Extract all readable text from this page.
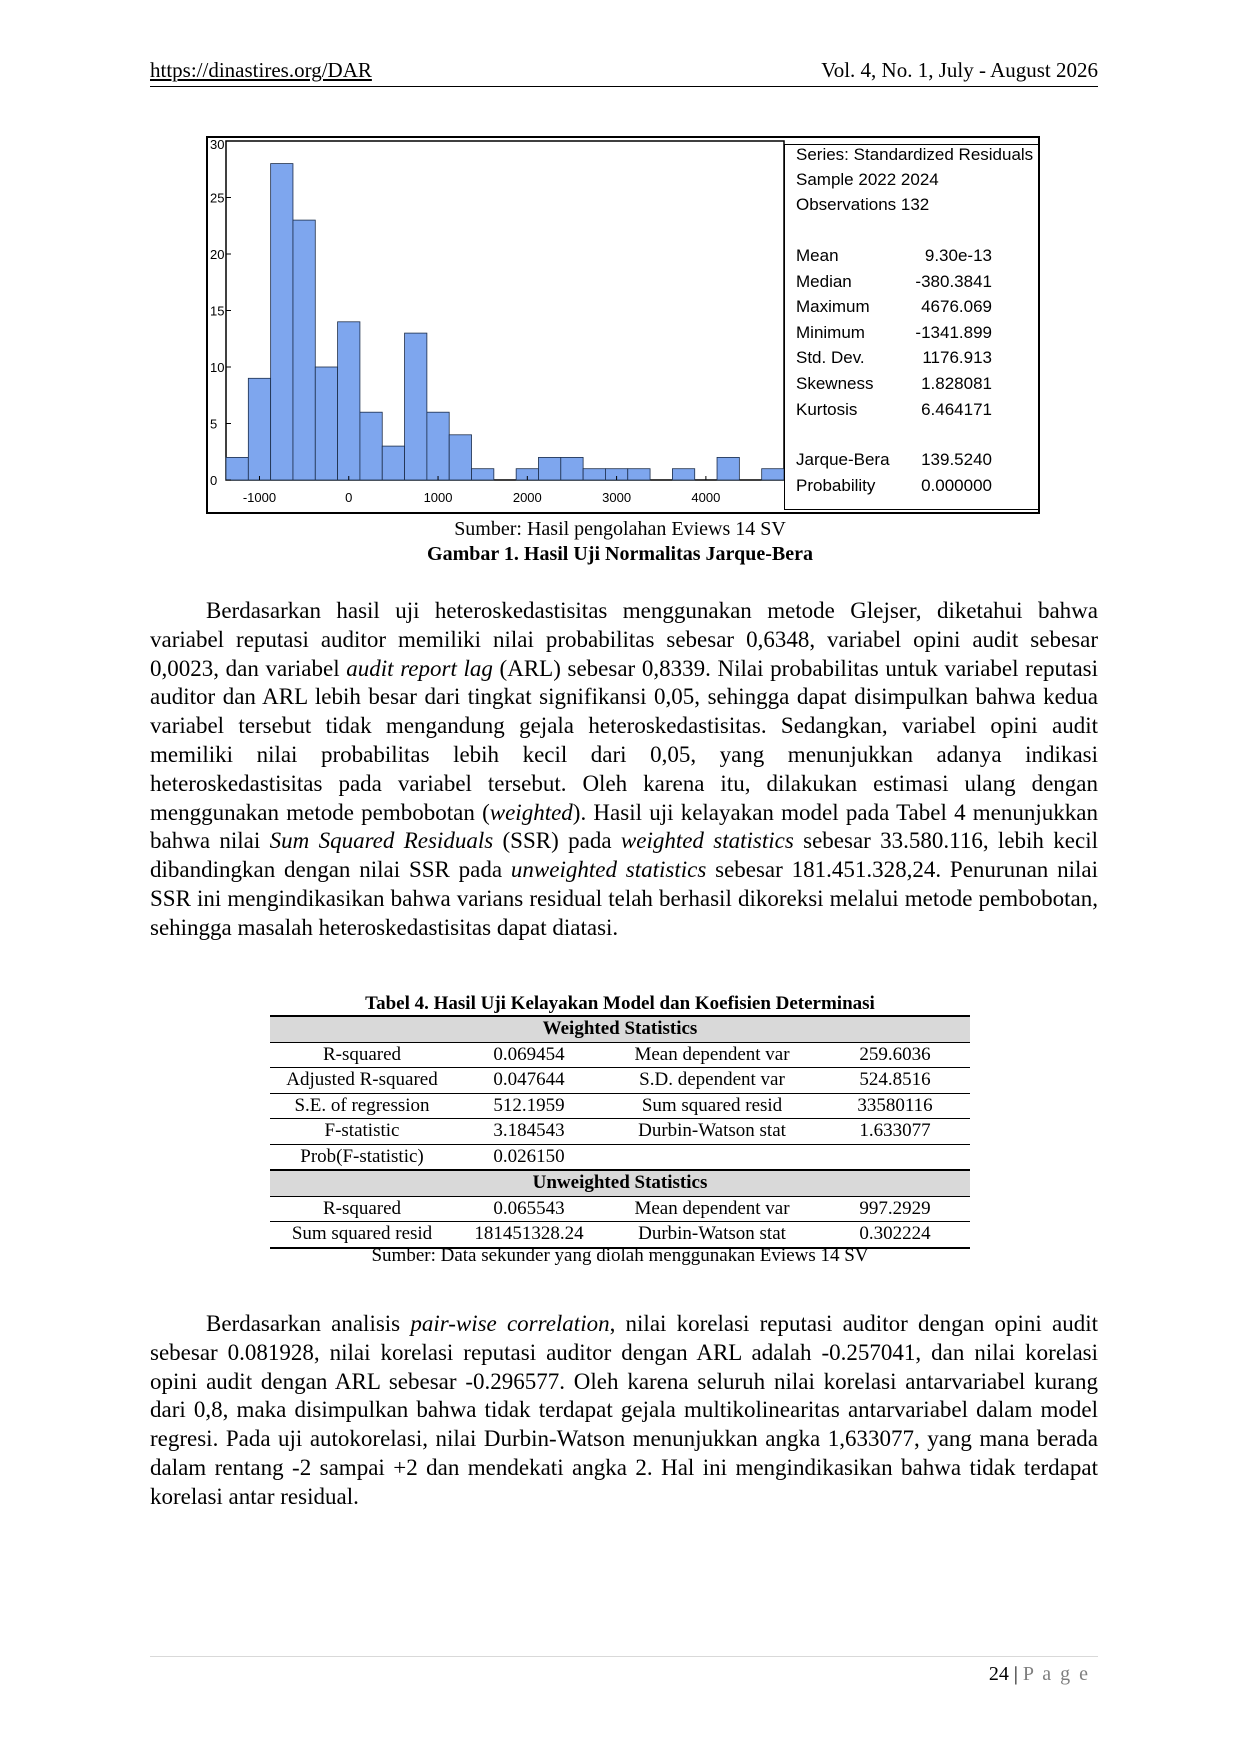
https://dinastires.org/DAR	Vol. 4, No. 1, July - August 2026
0
5
10
15
20
25
30
-1000	0	1000	2000	3000	4000
Series: Standardized Residuals
Sample 2022 2024
Observations 132
Mean	9.30e-13
Median	-380.3841
Maximum	4676.069
Minimum	-1341.899
Std. Dev.	1176.913
Skewness	1.828081
Kurtosis	6.464171
Jarque-Bera	139.5240
Probability	0.000000
Sumber: Hasil pengolahan Eviews 14 SV
Gambar 1. Hasil Uji Normalitas Jarque-Bera

Berdasarkan hasil uji heteroskedastisitas menggunakan metode Glejser, diketahui bahwa variabel reputasi auditor memiliki nilai probabilitas sebesar 0,6348, variabel opini audit sebesar 0,0023, dan variabel audit report lag (ARL) sebesar 0,8339. Nilai probabilitas untuk variabel reputasi auditor dan ARL lebih besar dari tingkat signifikansi 0,05, sehingga dapat disimpulkan bahwa kedua variabel tersebut tidak mengandung gejala heteroskedastisitas. Sedangkan, variabel opini audit memiliki nilai probabilitas lebih kecil dari 0,05, yang menunjukkan adanya indikasi heteroskedastisitas pada variabel tersebut. Oleh karena itu, dilakukan estimasi ulang dengan menggunakan metode pembobotan (weighted). Hasil uji kelayakan model pada Tabel 4 menunjukkan bahwa nilai Sum Squared Residuals (SSR) pada weighted statistics sebesar 33.580.116, lebih kecil dibandingkan dengan nilai SSR pada unweighted statistics sebesar 181.451.328,24. Penurunan nilai SSR ini mengindikasikan bahwa varians residual telah berhasil dikoreksi melalui metode pembobotan, sehingga masalah heteroskedastisitas dapat diatasi.

Tabel 4. Hasil Uji Kelayakan Model dan Koefisien Determinasi
Weighted Statistics			
R-squared	0.069454	Mean dependent var	259.6036
Adjusted R-squared	0.047644	S.D. dependent var	524.8516
S.E. of regression	512.1959	Sum squared resid	33580116
F-statistic	3.184543	Durbin-Watson stat	1.633077
Prob(F-statistic)	0.026150		
Unweighted Statistics			
R-squared	0.065543	Mean dependent var	997.2929
Sum squared resid	181451328.24	Durbin-Watson stat	0.302224
Sumber: Data sekunder yang diolah menggunakan Eviews 14 SV

Berdasarkan analisis pair-wise correlation, nilai korelasi reputasi auditor dengan opini audit sebesar 0.081928, nilai korelasi reputasi auditor dengan ARL adalah -0.257041, dan nilai korelasi opini audit dengan ARL sebesar -0.296577. Oleh karena seluruh nilai korelasi antarvariabel kurang dari 0,8, maka disimpulkan bahwa tidak terdapat gejala multikolinearitas antarvariabel dalam model regresi. Pada uji autokorelasi, nilai Durbin-Watson menunjukkan angka 1,633077, yang mana berada dalam rentang -2 sampai +2 dan mendekati angka 2. Hal ini mengindikasikan bahwa tidak terdapat korelasi antar residual.

24 | P a g e
